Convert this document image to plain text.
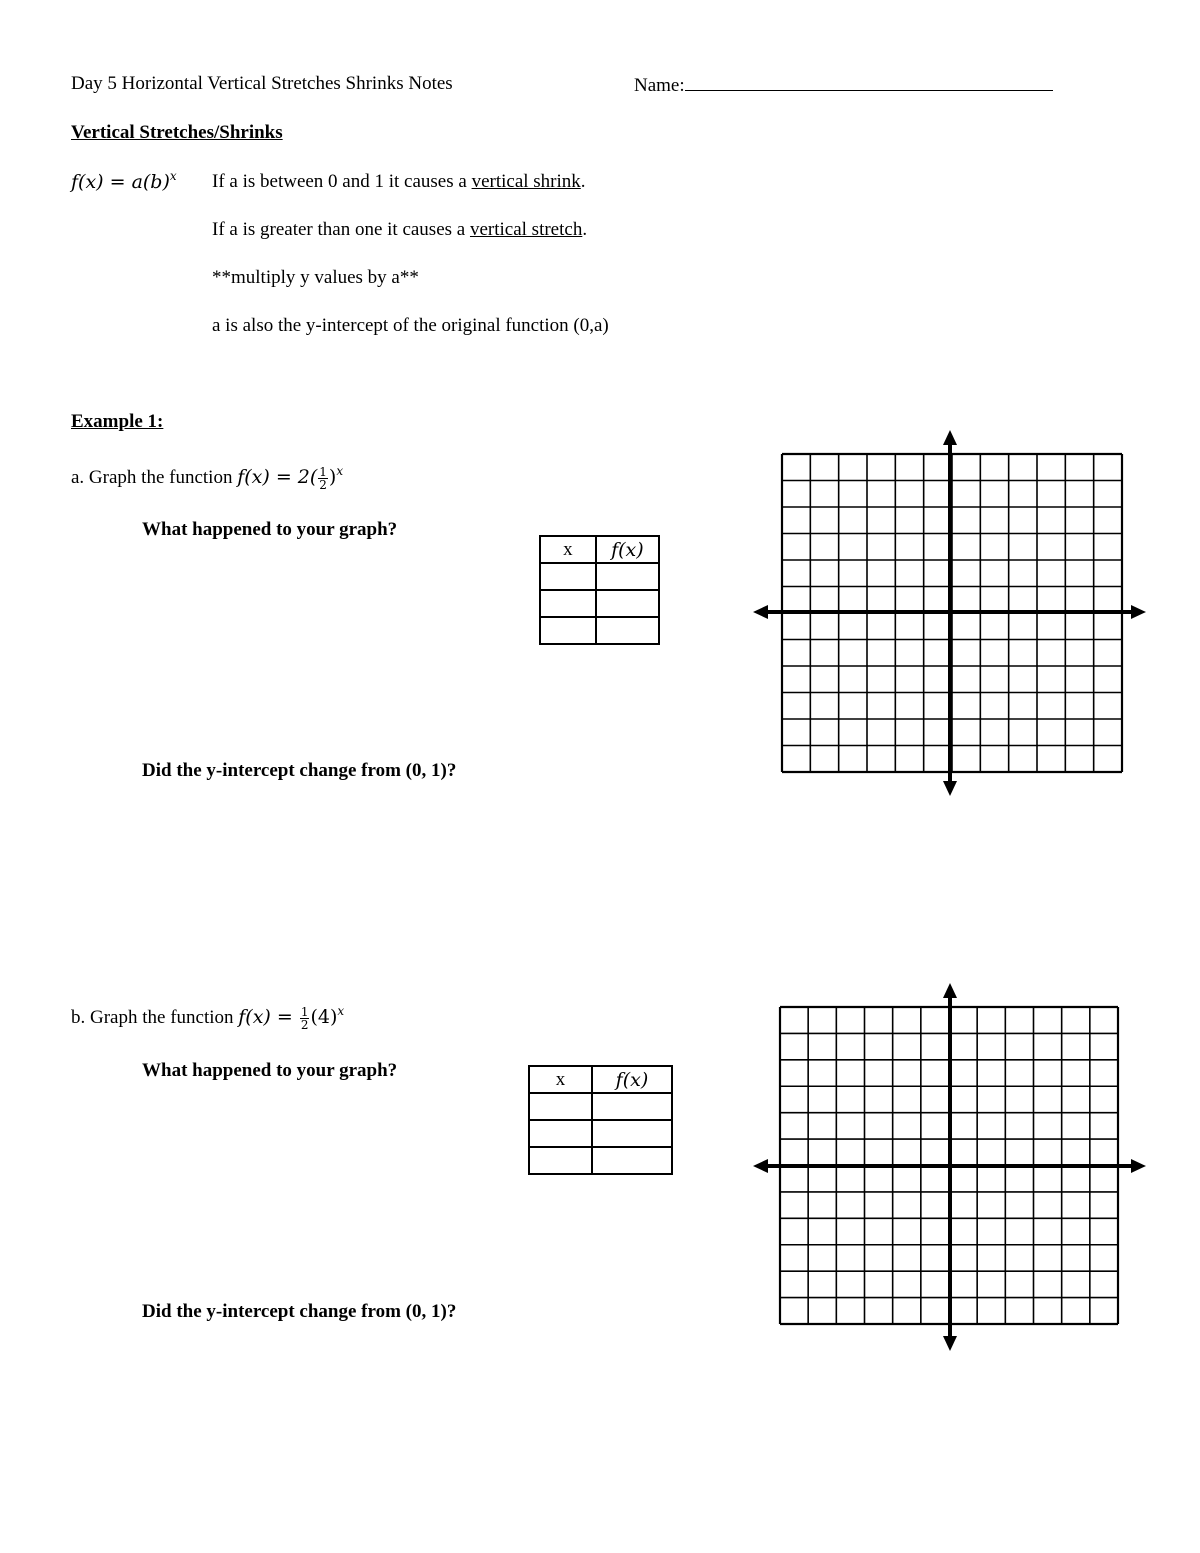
Day 5 Horizontal Vertical Stretches Shrinks Notes	Name:
Vertical Stretches/Shrinks
$f(x) = a(b)^x$ If a is between 0 and 1 it causes a vertical shrink.
If a is greater than one it causes a vertical stretch.
**multiply y values by a**
a is also the y-intercept of the original function (0,a)
Example 1:
a. Graph the function $f(x) = 2( \frac{1}{2} )^x$
What happened to your graph?
x	f(x)

Did the y-intercept change from (0, 1)?
b. Graph the function $f(x) = \frac{1}{2} (4)^x$
What happened to your graph?	x	f(x)

Did the y-intercept change from (0, 1)?
